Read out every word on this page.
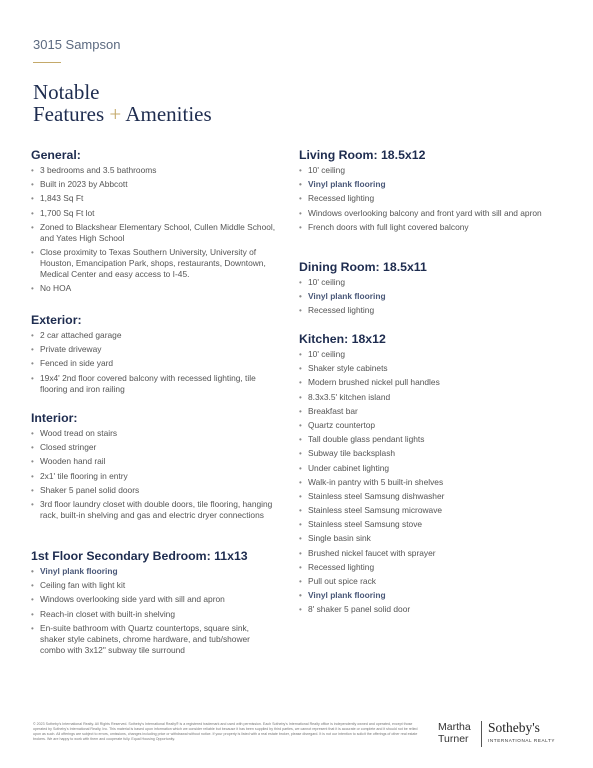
3015 Sampson
Notable
Features + Amenities
General:
• 3 bedrooms and 3.5 bathrooms
• Built in 2023 by Abbcott
• 1,843 Sq Ft
• 1,700 Sq Ft lot
• Zoned to Blackshear Elementary School, Cullen Middle School, and Yates High School
• Close proximity to Texas Southern University, University of Houston, Emancipation Park, shops, restaurants, Downtown, Medical Center and easy access to I-45.
• No HOA
Exterior:
• 2 car attached garage
• Private driveway
• Fenced in side yard
• 19x4' 2nd floor covered balcony with recessed lighting, tile flooring and iron railing
Interior:
• Wood tread on stairs
• Closed stringer
• Wooden hand rail
• 2x1' tile flooring in entry
• Shaker 5 panel solid doors
• 3rd floor laundry closet with double doors, tile flooring, hanging rack, built-in shelving and gas and electric dryer connections
1st Floor Secondary Bedroom: 11x13
• Vinyl plank flooring
• Ceiling fan with light kit
• Windows overlooking side yard with sill and apron
• Reach-in closet with built-in shelving
• En-suite bathroom with Quartz countertops, square sink, shaker style cabinets, chrome hardware, and tub/shower combo with 3x12" subway tile surround
Living Room: 18.5x12
• 10' ceiling
• Vinyl plank flooring
• Recessed lighting
• Windows overlooking balcony and front yard with sill and apron
• French doors with full light covered balcony
Dining Room: 18.5x11
• 10' ceiling
• Vinyl plank flooring
• Recessed lighting
Kitchen: 18x12
• 10' ceiling
• Shaker style cabinets
• Modern brushed nickel pull handles
• 8.3x3.5' kitchen island
• Breakfast bar
• Quartz countertop
• Tall double glass pendant lights
• Subway tile backsplash
• Under cabinet lighting
• Walk-in pantry with 5 built-in shelves
• Stainless steel Samsung dishwasher
• Stainless steel Samsung microwave
• Stainless steel Samsung stove
• Single basin sink
• Brushed nickel faucet with sprayer
• Recessed lighting
• Pull out spice rack
• Vinyl plank flooring
• 8' shaker 5 panel solid door
© 2023 Sotheby's International Realty. All Rights Reserved. Sotheby's International Realty® is a registered trademark and used with permission. Each Sotheby's International Realty office is independently owned and operated, except those operated by Sotheby's International Realty, Inc. This material is based upon information which we consider reliable but because it has been supplied by third parties, we cannot represent that it is accurate or complete and it should not be relied upon as such. All offerings are subject to errors, omissions, changes including price or withdrawal without notice. If your property is listed with a real estate broker, please disregard. It is not our intention to solicit the offerings of other real estate brokers. We are happy to work with them and cooperate fully. Equal Housing Opportunity.
Martha
Turner
Sotheby's
INTERNATIONAL REALTY
